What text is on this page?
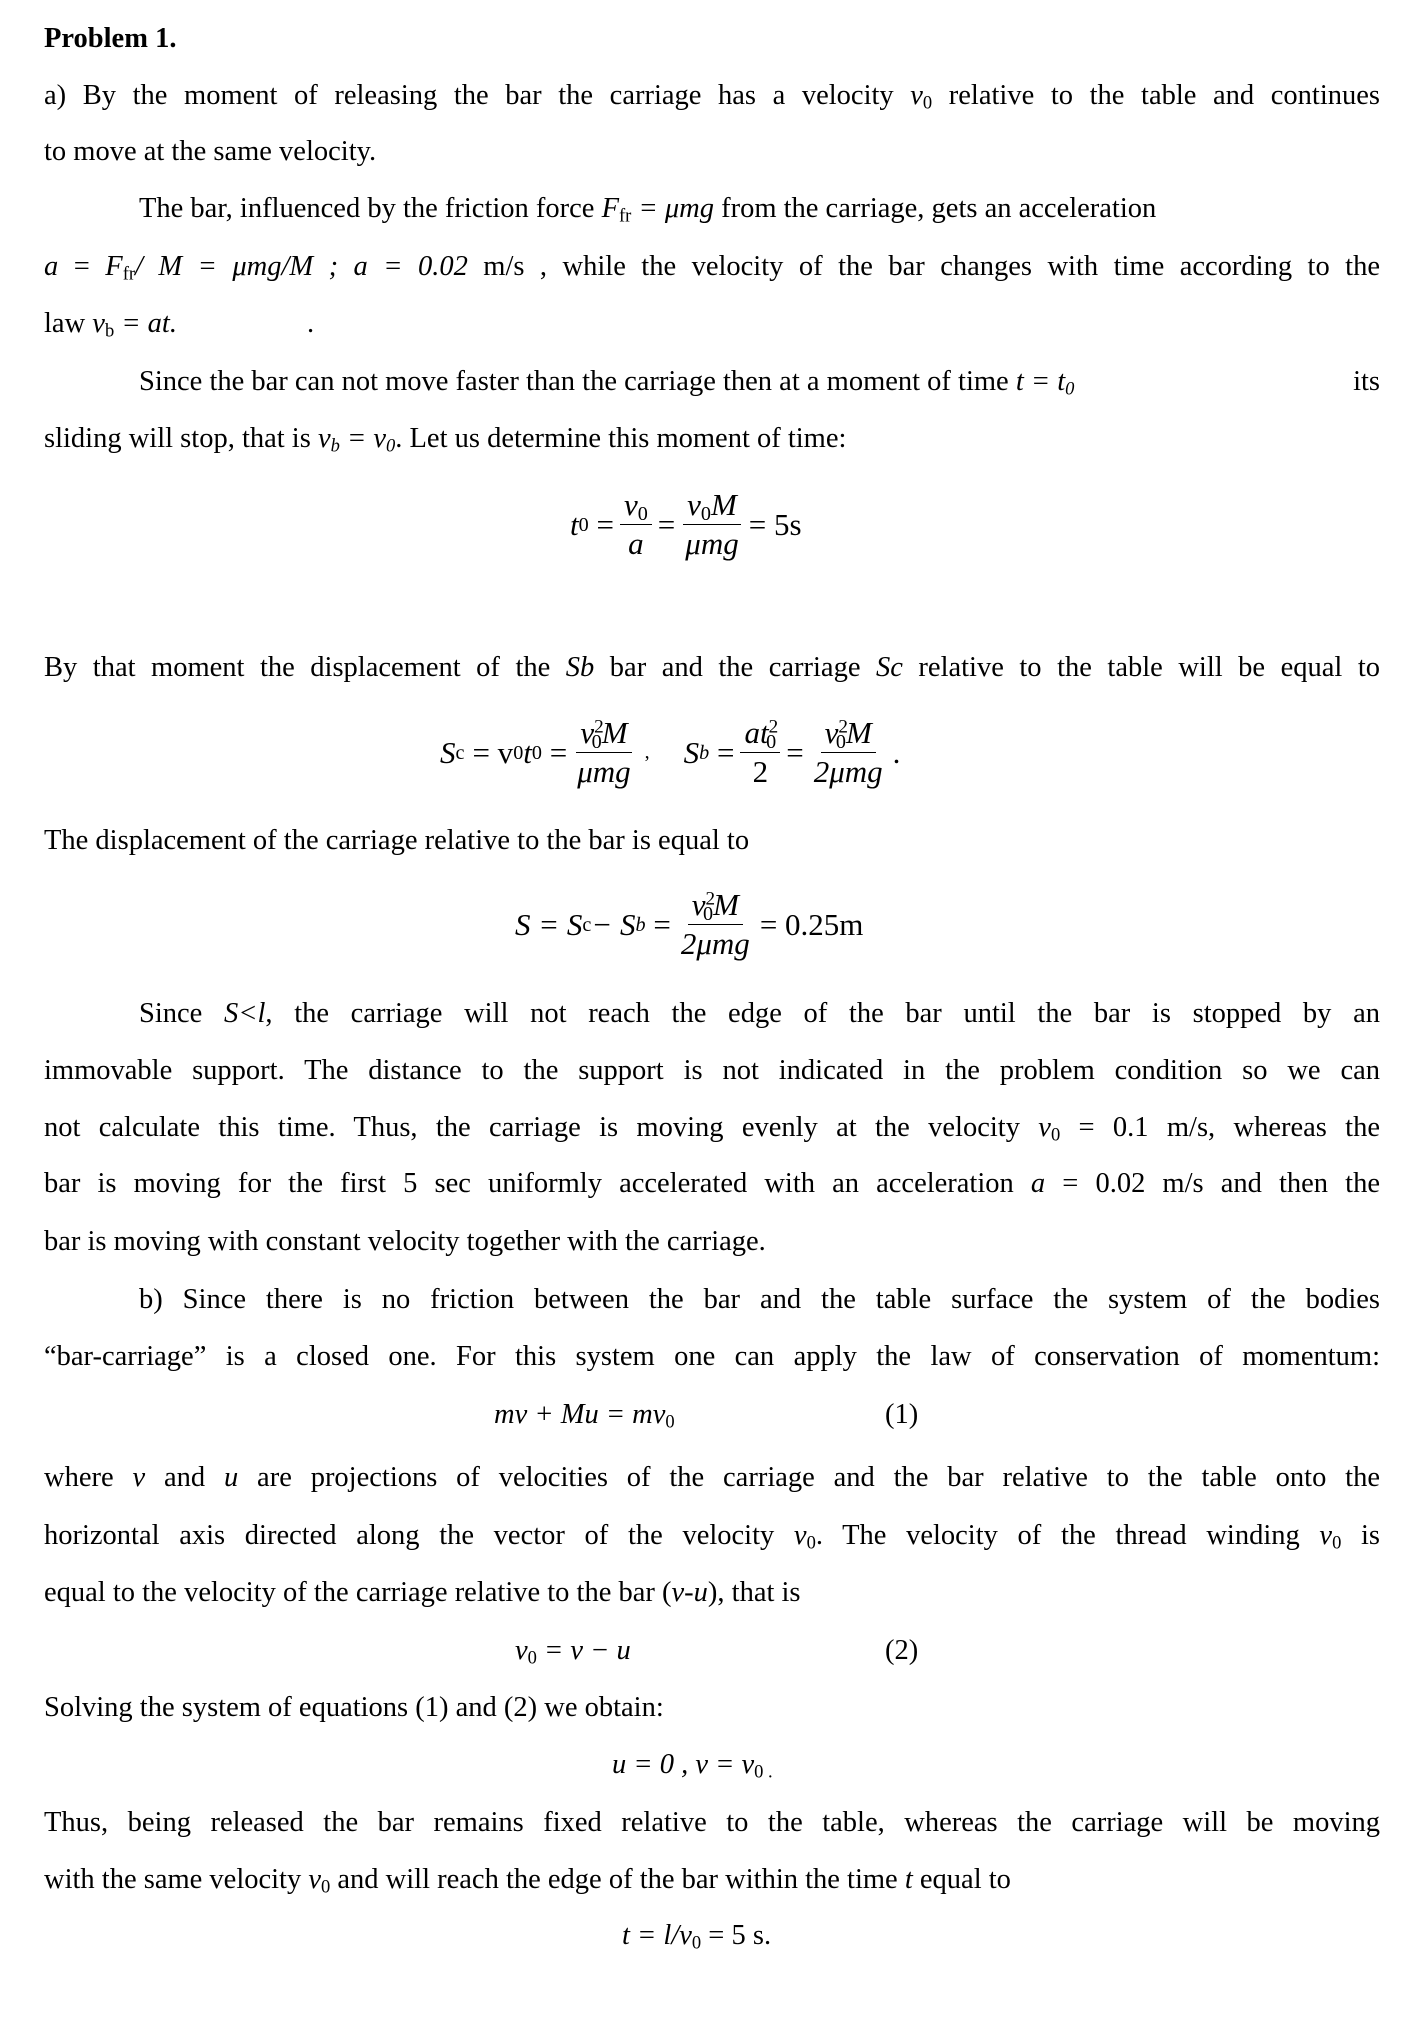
Problem 1.
a) By the moment of releasing the bar the carriage has a velocity $v_0$ relative to the table and continues
to move at the same velocity.
The bar, influenced by the friction force $F_{fr} = \mu mg$ from the carriage, gets an acceleration
$a = F_{fr}/$ M = μmg/M ; a = 0.02 m/s , while the velocity of the bar changes with time according to the
law $v_b$ = at.	.
Since the bar can not move faster than the carriage then at a moment of time $t = t_0$	its
sliding will stop, that is $v_b = v_0$. Let us determine this moment of time:
t $0 = \frac{v_0}{a} = \frac{v_0M}{\text{μmg}} = 5s$
By that moment the displacement of the Sb bar and the carriage Sc relative to the table will be equal to
S c = v 0 t $0 = \frac{v^2_0M}{\text{μmg}}$ , S $b = \frac{at^2_0}{2} = \frac{v^2_0M}{\text{2μmg}}$ .
The displacement of the carriage relative to the bar is equal to
S = S c − S $b = \frac{v^2_0M}{\text{2μmg}} = 0.25m$
Since S<l, the carriage will not reach the edge of the bar until the bar is stopped by an
immovable support. The distance to the support is not indicated in the problem condition so we can
not calculate this time. Thus, the carriage is moving evenly at the velocity $v_0 = 0.1$ m/s, whereas the
bar is moving for the first 5 sec uniformly accelerated with an acceleration a = 0.02 m/s and then the
bar is moving with constant velocity together with the carriage.
b) Since there is no friction between the bar and the table surface the system of the bodies
“bar-carriage” is a closed one. For this system one can apply the law of conservation of momentum:
mv + $Mu = mv_0$	(1)
where v and u are projections of velocities of the carriage and the bar relative to the table onto the
horizontal axis directed along the vector of the velocity $v_0$. The velocity of the thread winding $v_0$ is
equal to the velocity of the carriage relative to the bar (v-u), that is
$v_0 = v - u$	(2)
Solving the system of equations (1) and (2) we obtain:
u = 0 , $v = v_{0 .}$
Thus, being released the bar remains fixed relative to the table, whereas the carriage will be moving
with the same velocity $v_0$ and will reach the edge of the bar within the time t equal to
$t = l/v_0 = 5$ s.
